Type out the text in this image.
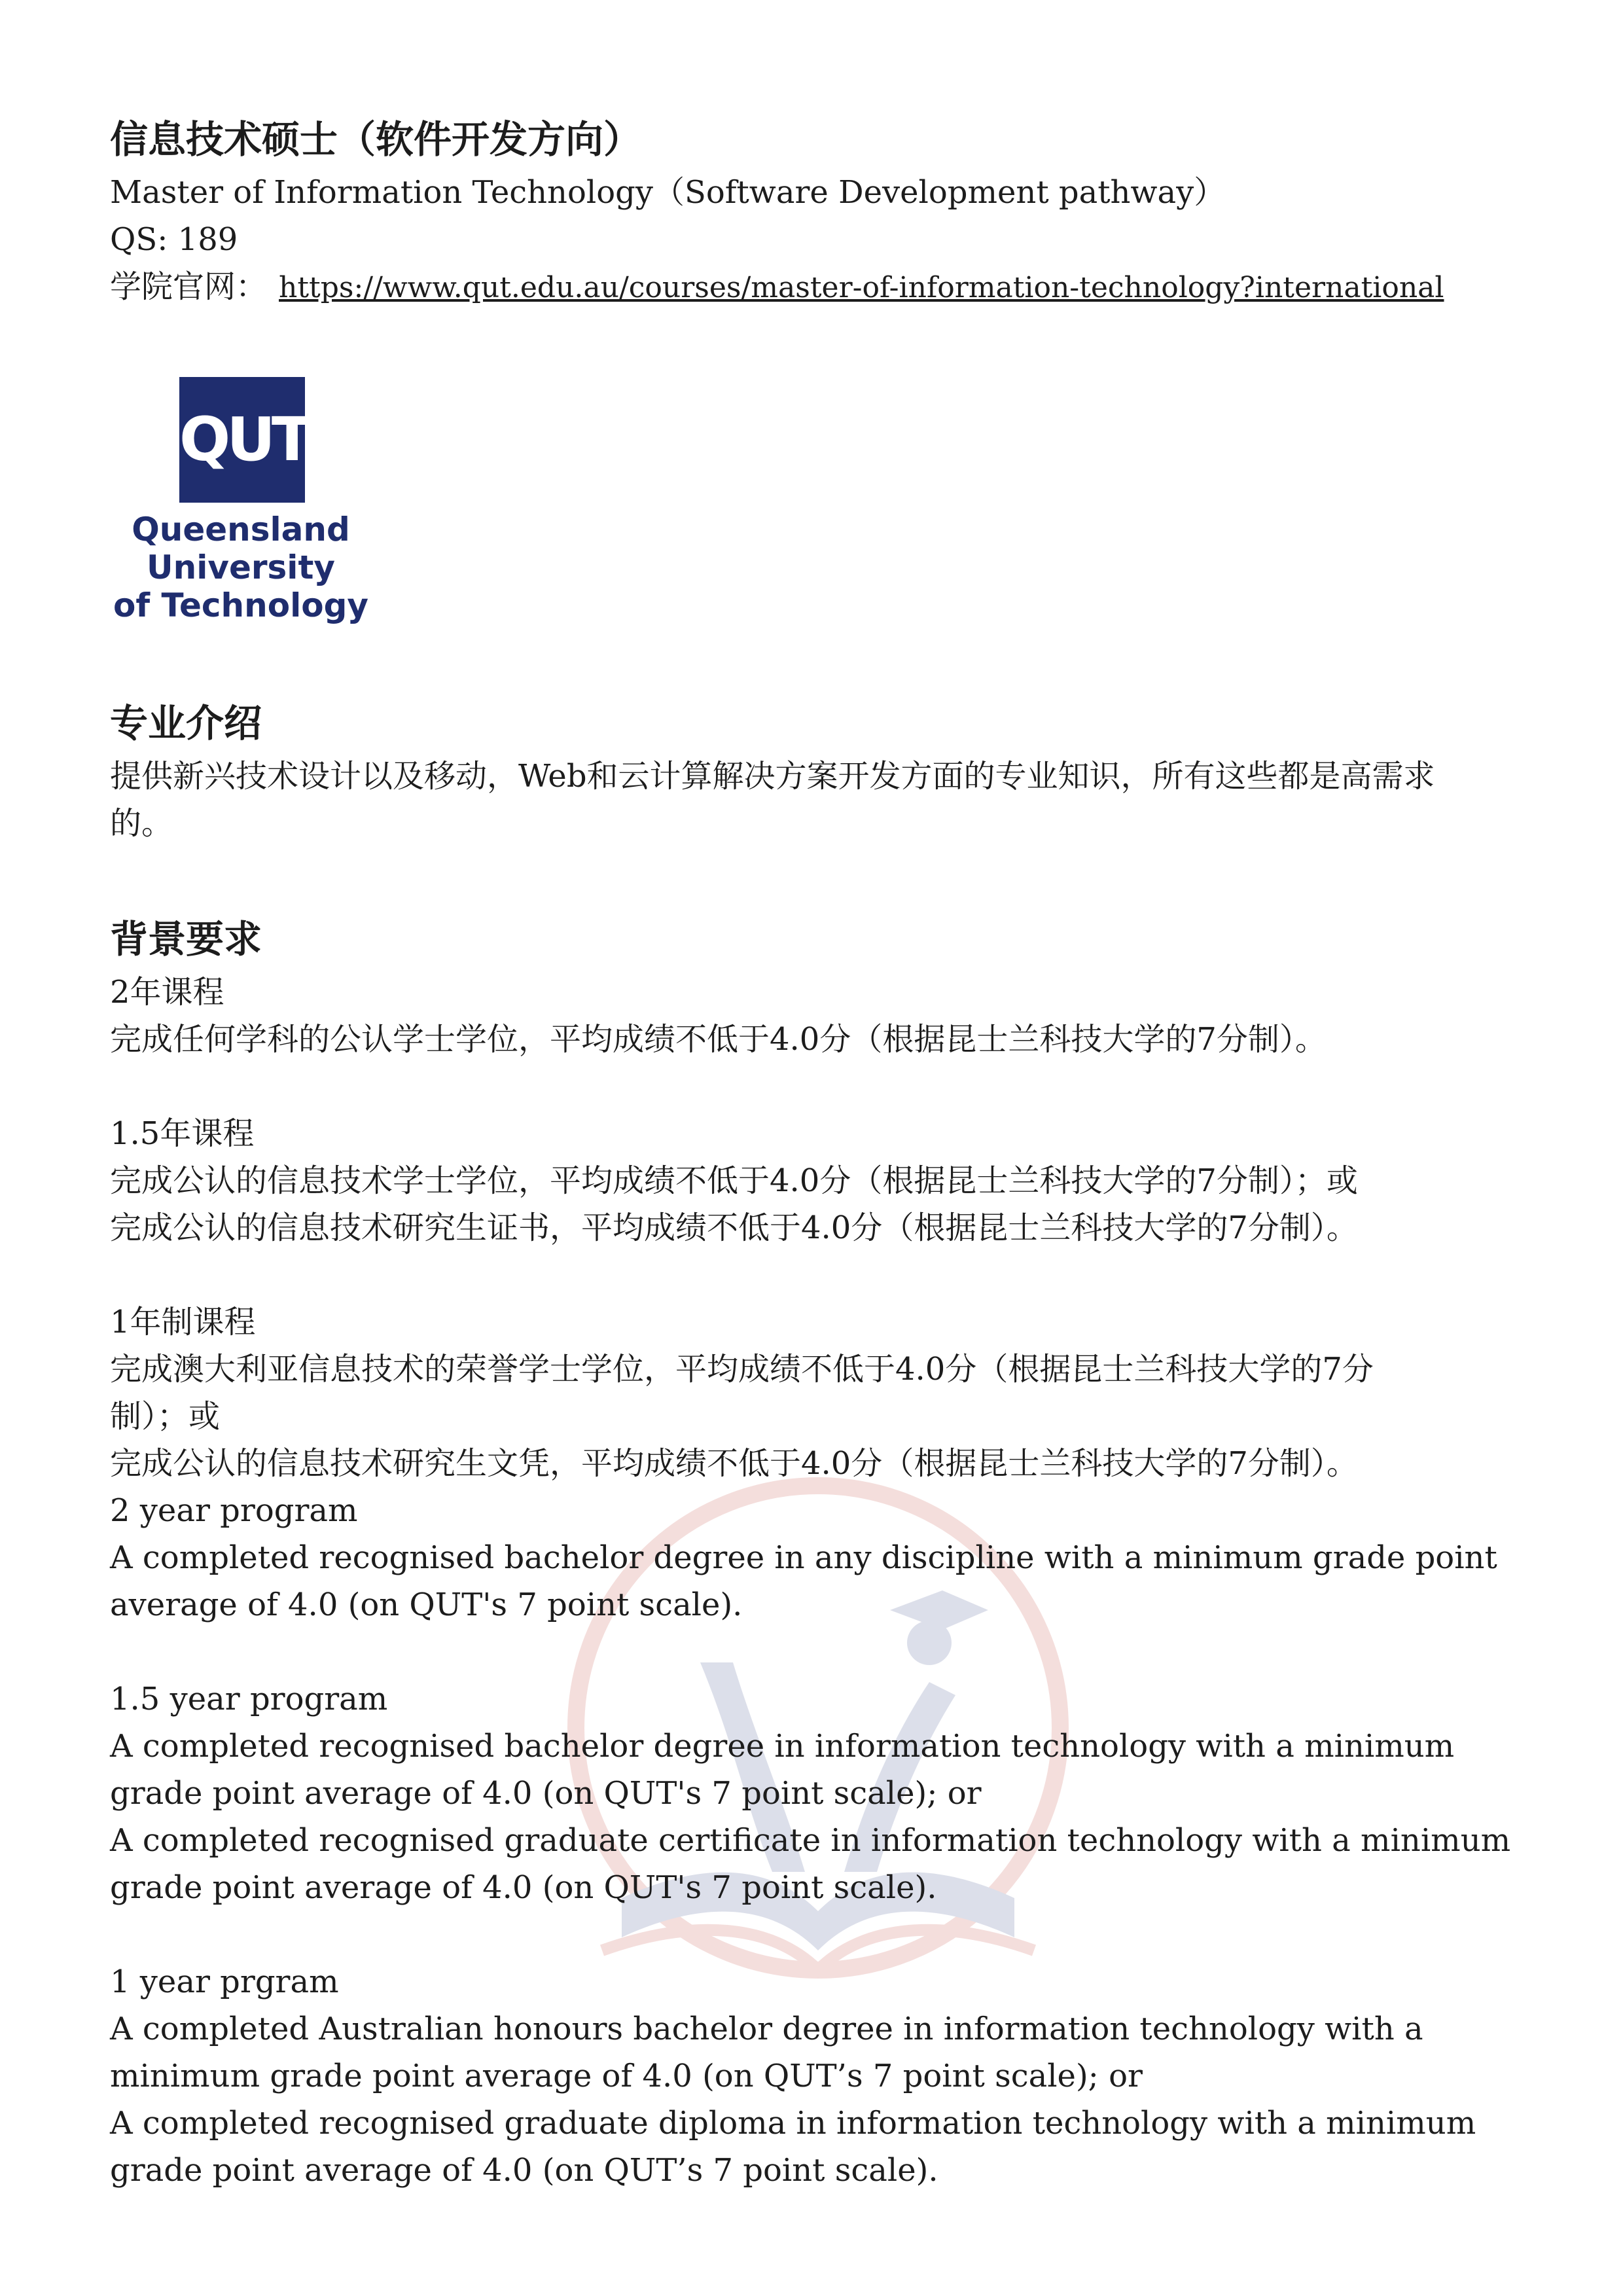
信息技术硕士（软件开发方向）

Master of Information Technology（Software Development pathway）

QS: 189

学院官网： https://www.qut.edu.au/courses/master-of-information-technology?international
QUT
Queensland
University
of Technology

专业介绍

提供新兴技术设计以及移动，Web和云计算解决方案开发方面的专业知识，所有这些都是高需求

的。

背景要求

2年课程

完成任何学科的公认学士学位，平均成绩不低于4.0分（根据昆士兰科技大学的7分制）。

1.5年课程

完成公认的信息技术学士学位，平均成绩不低于4.0分（根据昆士兰科技大学的7分制）；或

完成公认的信息技术研究生证书，平均成绩不低于4.0分（根据昆士兰科技大学的7分制）。

1年制课程

完成澳大利亚信息技术的荣誉学士学位，平均成绩不低于4.0分（根据昆士兰科技大学的7分

制）；或

完成公认的信息技术研究生文凭，平均成绩不低于4.0分（根据昆士兰科技大学的7分制）。

2 year program

A completed recognised bachelor degree in any discipline with a minimum grade point

average of 4.0 (on QUT's 7 point scale).

1.5 year program

A completed recognised bachelor degree in information technology with a minimum

grade point average of 4.0 (on QUT's 7 point scale); or

A completed recognised graduate certificate in information technology with a minimum

grade point average of 4.0 (on QUT's 7 point scale).

1 year prgram

A completed Australian honours bachelor degree in information technology with a

minimum grade point average of 4.0 (on QUT’s 7 point scale); or

A completed recognised graduate diploma in information technology with a minimum

grade point average of 4.0 (on QUT’s 7 point scale).
